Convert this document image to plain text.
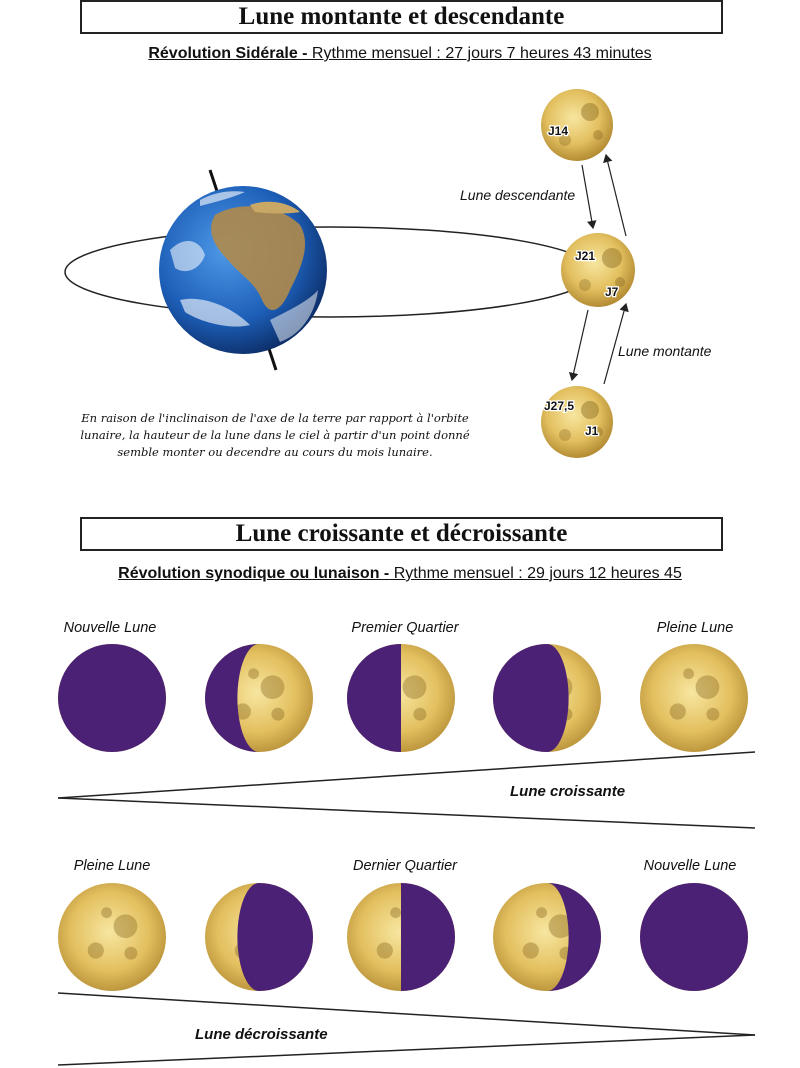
Lune montante et descendante
Révolution Sidérale - Rythme mensuel : 27 jours 7 heures 43 minutes
J14
J21
J7
J27,5
J1
Lune descendante
Lune montante
En raison de l'inclinaison de l'axe de la terre par rapport à l'orbite
lunaire, la hauteur de la lune dans le ciel à partir d'un point donné
semble monter ou decendre au cours du mois lunaire.
Lune croissante et décroissante
Révolution synodique ou lunaison - Rythme mensuel : 29 jours 12 heures 45
Nouvelle Lune	Premier Quartier	Pleine Lune
Pleine Lune	Dernier Quartier	Nouvelle Lune
Lune croissante
Lune décroissante
